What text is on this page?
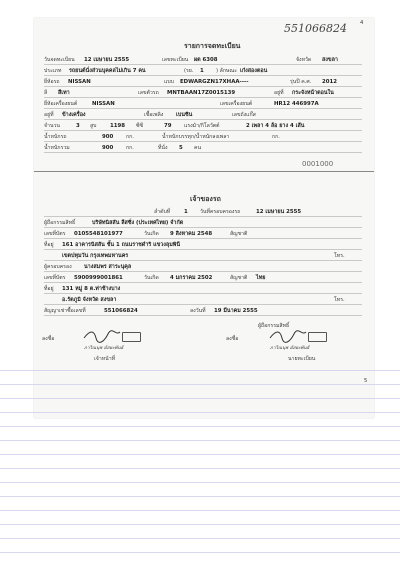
551066824	4
รายการจดทะเบียน
วันจดทะเบียน 12 เมษายน 2555	เลขทะเบียน ผต 6308	จังหวัด สงขลา
ประเภท รถยนต์นั่งส่วนบุคคลไม่เกิน 7 คน	(รย. 1 ) ลักษณะ เก๋งสองตอน
ยี่ห้อรถ NISSAN	แบบ EDWARGZN17XHAA----	รุ่นปี ค.ศ. 2012
สี สีเทา	เลขตัวรถ MNTBAAN17Z0015139	อยู่ที่ กระจังหน้าตอนใน
ยี่ห้อเครื่องยนต์	NISSAN	เลขเครื่องยนต์	HR12 446997A
อยู่ที่ ข้างเครื่อง	เชื้อเพลิง เบนซิน	เลขถังแก๊ส
จำนวน	3 สูบ	1198 ซีซี	79 แรงม้า/กิโลวัตต์	2 เพลา 4 ล้อ ยาง 4 เส้น
น้ำหนักรถ	900 กก.	น้ำหนักบรรทุก/น้ำหนักลงเพลา	กก.
น้ำหนักรวม	900 กก.	ที่นั่ง 5 คน
0001000
เจ้าของรถ
ลำดับที่	1 วันที่ครอบครองรถ	12 เมษายน 2555
ผู้ถือกรรมสิทธิ์	บริษัทนิสสัน ลีสซิ่ง (ประเทศไทย) จำกัด
เลขที่บัตร 0105548101977	วันเกิด 9 สิงหาคม 2548	สัญชาติ
ที่อยู่ 161 อาคารนิสสัน ชั้น 1 ถนนราชดำริ แขวงลุมพินี
เขตปทุมวัน กรุงเทพมหานคร	โทร.
ผู้ครอบครอง นางสมพร สาระนุคุล
เลขที่บัตร 5900999001861	วันเกิด 4 มกราคม 2502	สัญชาติ ไทย
ที่อยู่ 131 หมู่ 8 ต.ท่าช้างบาง
อ.รัตภูมิ จังหวัด สงขลา	โทร.
สัญญาเช่าซื้อเลขที่	551066824	ลงวันที่ 19 มีนาคม 2555
ผู้ถือกรรมสิทธิ์
ลงชื่อ
ภาวิณนุช มัสยะพันธ์
เจ้าหน้าที่
ลงชื่อ
ภาวิณนุช มัสยะพันธ์
นายทะเบียน
5
